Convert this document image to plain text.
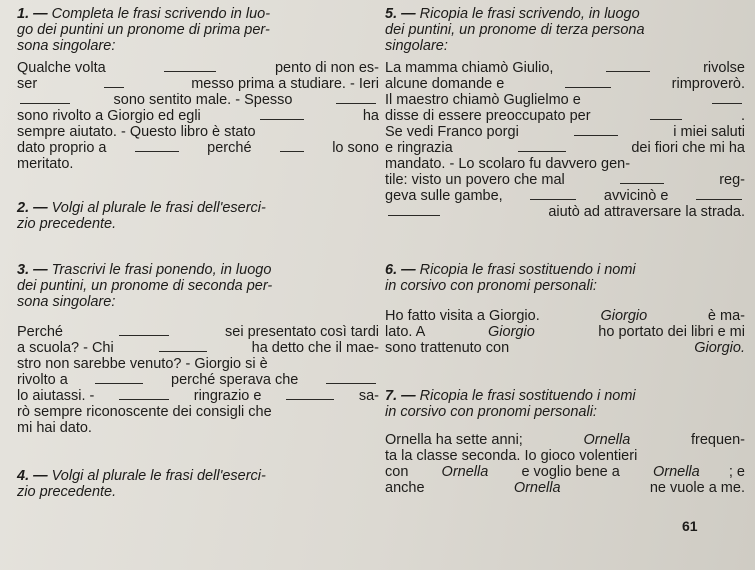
1. — Completa le frasi scrivendo in luo-
go dei puntini un pronome di prima per-
sona singolare:
Qualche volta	pento di non es-
ser	messo prima a studiare. - Ieri
sono sentito male. - Spesso
sono rivolto a Giorgio ed egli	ha
sempre aiutato. - Questo libro è stato
dato proprio a	perché	lo sono
meritato.
2. — Volgi al plurale le frasi dell'eserci-
zio precedente.
3. — Trascrivi le frasi ponendo, in luogo
dei puntini, un pronome di seconda per-
sona singolare:
Perché	sei presentato così tardi
a scuola? - Chi	ha detto che il mae-
stro non sarebbe venuto? - Giorgio si è
rivolto a	perché sperava che
lo aiutassi. -	ringrazio e	sa-
rò sempre riconoscente dei consigli che
mi hai dato.
4. — Volgi al plurale le frasi dell'eserci-
zio precedente.
5. — Ricopia le frasi scrivendo, in luogo
dei puntini, un pronome di terza persona
singolare:
La mamma chiamò Giulio,	rivolse
alcune domande e	rimproverò.
Il maestro chiamò Guglielmo e
disse di essere preoccupato per	.
Se vedi Franco porgi	i miei saluti
e ringrazia	dei fiori che mi ha
mandato. - Lo scolaro fu davvero gen-
tile: visto un povero che mal	reg-
geva sulle gambe,	avvicinò e
aiutò ad attraversare la strada.
6. — Ricopia le frasi sostituendo i nomi
in corsivo con pronomi personali:
Ho fatto visita a Giorgio.	Giorgio	è ma-
lato. A	Giorgio	ho portato dei libri e mi
sono trattenuto con	Giorgio.
7. — Ricopia le frasi sostituendo i nomi
in corsivo con pronomi personali:
Ornella ha sette anni;	Ornella	frequen-
ta la classe seconda. Io gioco volentieri
con Ornella e voglio bene a Ornella ; e
anche	Ornella	ne vuole a me.
61
